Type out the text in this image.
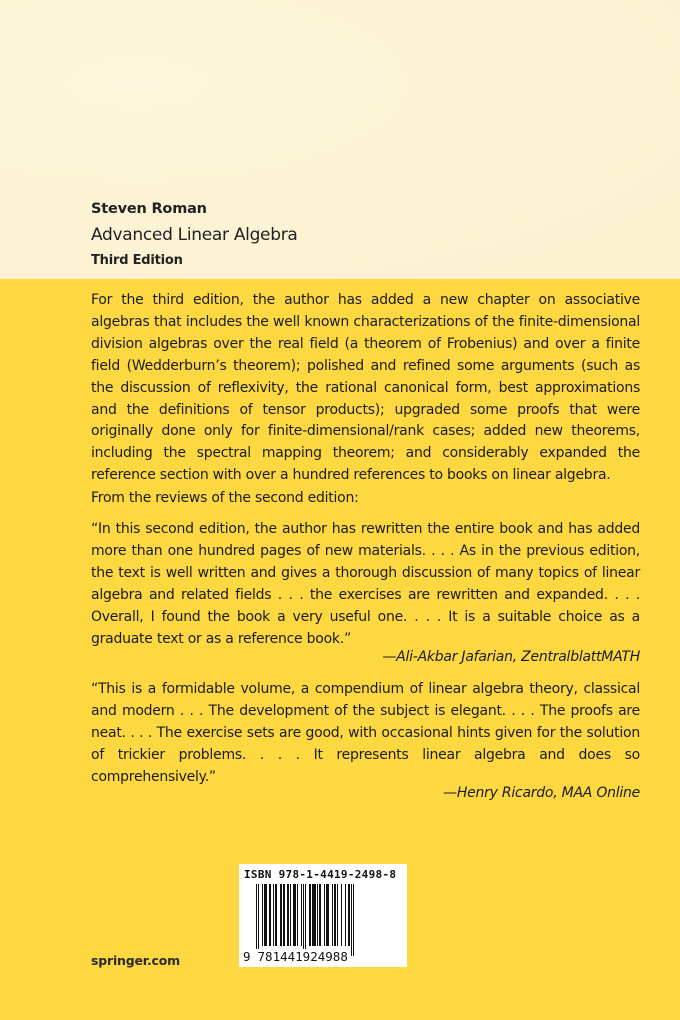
Steven Roman
Advanced Linear Algebra
Third Edition
For the third edition, the author has added a new chapter on associative algebras that includes the well known characterizations of the finite-dimensional division algebras over the real field (a theorem of Frobenius) and over a finite field (Wedderburn’s theorem); polished and refined some arguments (such as the discussion of reflexivity, the rational canonical form, best approximations and the definitions of tensor products); upgraded some proofs that were originally done only for finite-dimensional/rank cases; added new theorems, including the spectral mapping theorem; and considerably expanded the reference section with over a hundred references to books on linear algebra.
From the reviews of the second edition:
“In this second edition, the author has rewritten the entire book and has added more than one hundred pages of new materials. . . . As in the previous edition, the text is well written and gives a thorough discussion of many topics of linear algebra and related fields . . . the exercises are rewritten and expanded. . . . Overall, I found the book a very useful one. . . . It is a suitable choice as a graduate text or as a reference book.”
—Ali-Akbar Jafarian, ZentralblattMATH
“This is a formidable volume, a compendium of linear algebra theory, classical and modern . . . The development of the subject is elegant. . . . The proofs are neat. . . . The exercise sets are good, with occasional hints given for the solution of trickier problems. . . . It represents linear algebra and does so comprehensively.”
—Henry Ricardo, MAA Online
ISBN 978-1-4419-2498-8
9 781441924988
springer.com
